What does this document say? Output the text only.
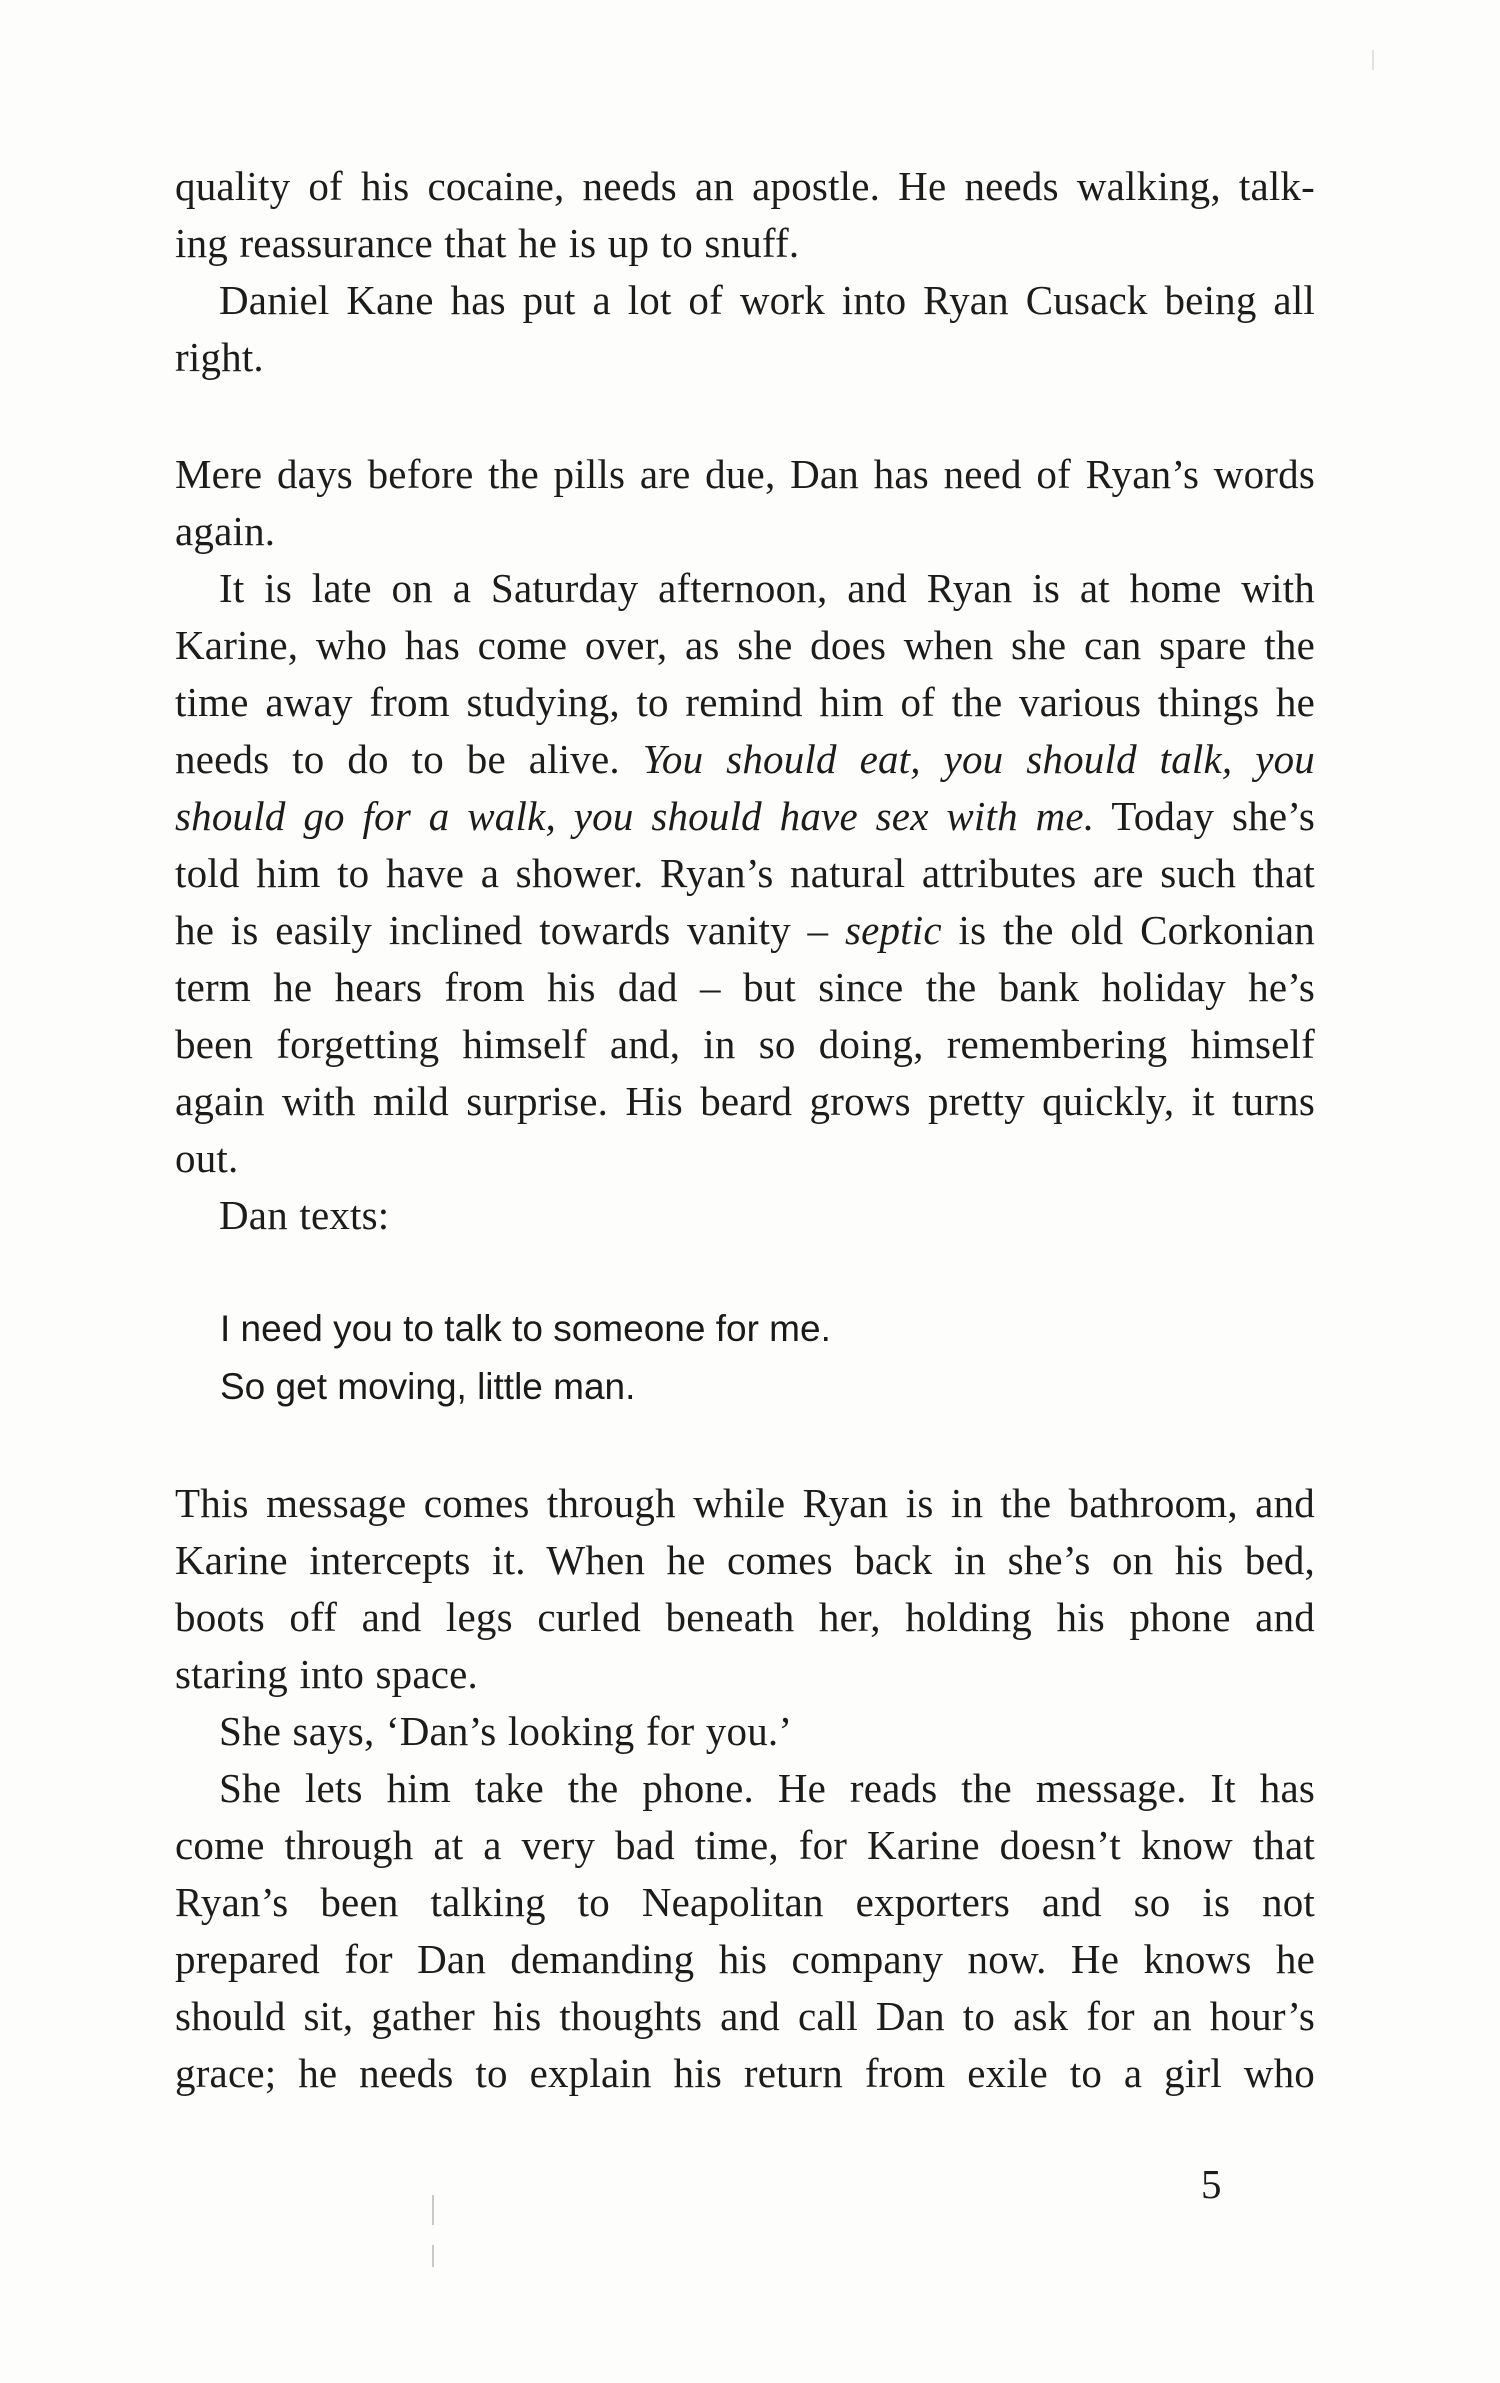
quality of his cocaine, needs an apostle. He needs walking, talk-
ing reassurance that he is up to snuff.

Daniel Kane has put a lot of work into Ryan Cusack being all
right.

Mere days before the pills are due, Dan has need of Ryan’s words
again.

It is late on a Saturday afternoon, and Ryan is at home with
Karine, who has come over, as she does when she can spare the
time away from studying, to remind him of the various things he
needs to do to be alive. You should eat, you should talk, you
should go for a walk, you should have sex with me. Today she’s
told him to have a shower. Ryan’s natural attributes are such that
he is easily inclined towards vanity – septic is the old Corkonian
term he hears from his dad – but since the bank holiday he’s
been forgetting himself and, in so doing, remembering himself
again with mild surprise. His beard grows pretty quickly, it turns
out.

Dan texts:

I need you to talk to someone for me.
So get moving, little man.

This message comes through while Ryan is in the bathroom, and
Karine intercepts it. When he comes back in she’s on his bed,
boots off and legs curled beneath her, holding his phone and
staring into space.

She says, ‘Dan’s looking for you.’

She lets him take the phone. He reads the message. It has
come through at a very bad time, for Karine doesn’t know that
Ryan’s been talking to Neapolitan exporters and so is not
prepared for Dan demanding his company now. He knows he
should sit, gather his thoughts and call Dan to ask for an hour’s
grace; he needs to explain his return from exile to a girl who

5
